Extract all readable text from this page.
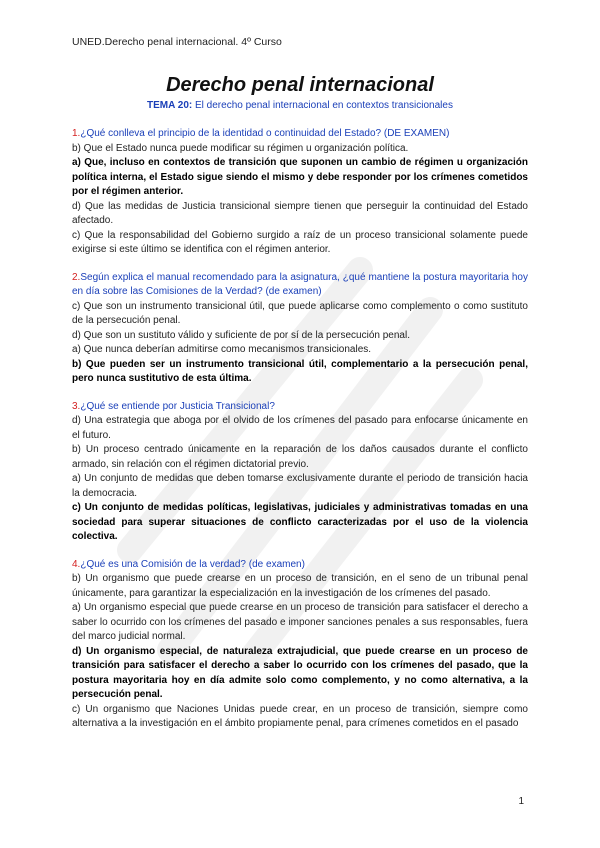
UNED.Derecho penal internacional. 4º Curso
Derecho penal internacional
TEMA 20: El derecho penal internacional en contextos transicionales
1.¿Qué conlleva el principio de la identidad o continuidad del Estado? (DE EXAMEN)
b) Que el Estado nunca puede modificar su régimen u organización política.
a) Que, incluso en contextos de transición que suponen un cambio de régimen u organización política interna, el Estado sigue siendo el mismo y debe responder por los crímenes cometidos por el régimen anterior.
d) Que las medidas de Justicia transicional siempre tienen que perseguir la continuidad del Estado afectado.
c) Que la responsabilidad del Gobierno surgido a raíz de un proceso transicional solamente puede exigirse si este último se identifica con el régimen anterior.
2.Según explica el manual recomendado para la asignatura, ¿qué mantiene la postura mayoritaria hoy en día sobre las Comisiones de la Verdad? (de examen)
c) Que son un instrumento transicional útil, que puede aplicarse como complemento o como sustituto de la persecución penal.
d) Que son un sustituto válido y suficiente de por sí de la persecución penal.
a) Que nunca deberían admitirse como mecanismos transicionales.
b) Que pueden ser un instrumento transicional útil, complementario a la persecución penal, pero nunca sustitutivo de esta última.
3.¿Qué se entiende por Justicia Transicional?
d) Una estrategia que aboga por el olvido de los crímenes del pasado para enfocarse únicamente en el futuro.
b) Un proceso centrado únicamente en la reparación de los daños causados durante el conflicto armado, sin relación con el régimen dictatorial previo.
a) Un conjunto de medidas que deben tomarse exclusivamente durante el periodo de transición hacia la democracia.
c) Un conjunto de medidas políticas, legislativas, judiciales y administrativas tomadas en una sociedad para superar situaciones de conflicto caracterizadas por el uso de la violencia colectiva.
4.¿Qué es una Comisión de la verdad? (de examen)
b) Un organismo que puede crearse en un proceso de transición, en el seno de un tribunal penal únicamente, para garantizar la especialización en la investigación de los crímenes del pasado.
a) Un organismo especial que puede crearse en un proceso de transición para satisfacer el derecho a saber lo ocurrido con los crímenes del pasado e imponer sanciones penales a sus responsables, fuera del marco judicial normal.
d) Un organismo especial, de naturaleza extrajudicial, que puede crearse en un proceso de transición para satisfacer el derecho a saber lo ocurrido con los crímenes del pasado, que la postura mayoritaria hoy en día admite solo como complemento, y no como alternativa, a la persecución penal.
c) Un organismo que Naciones Unidas puede crear, en un proceso de transición, siempre como alternativa a la investigación en el ámbito propiamente penal, para crímenes cometidos en el pasado
1
